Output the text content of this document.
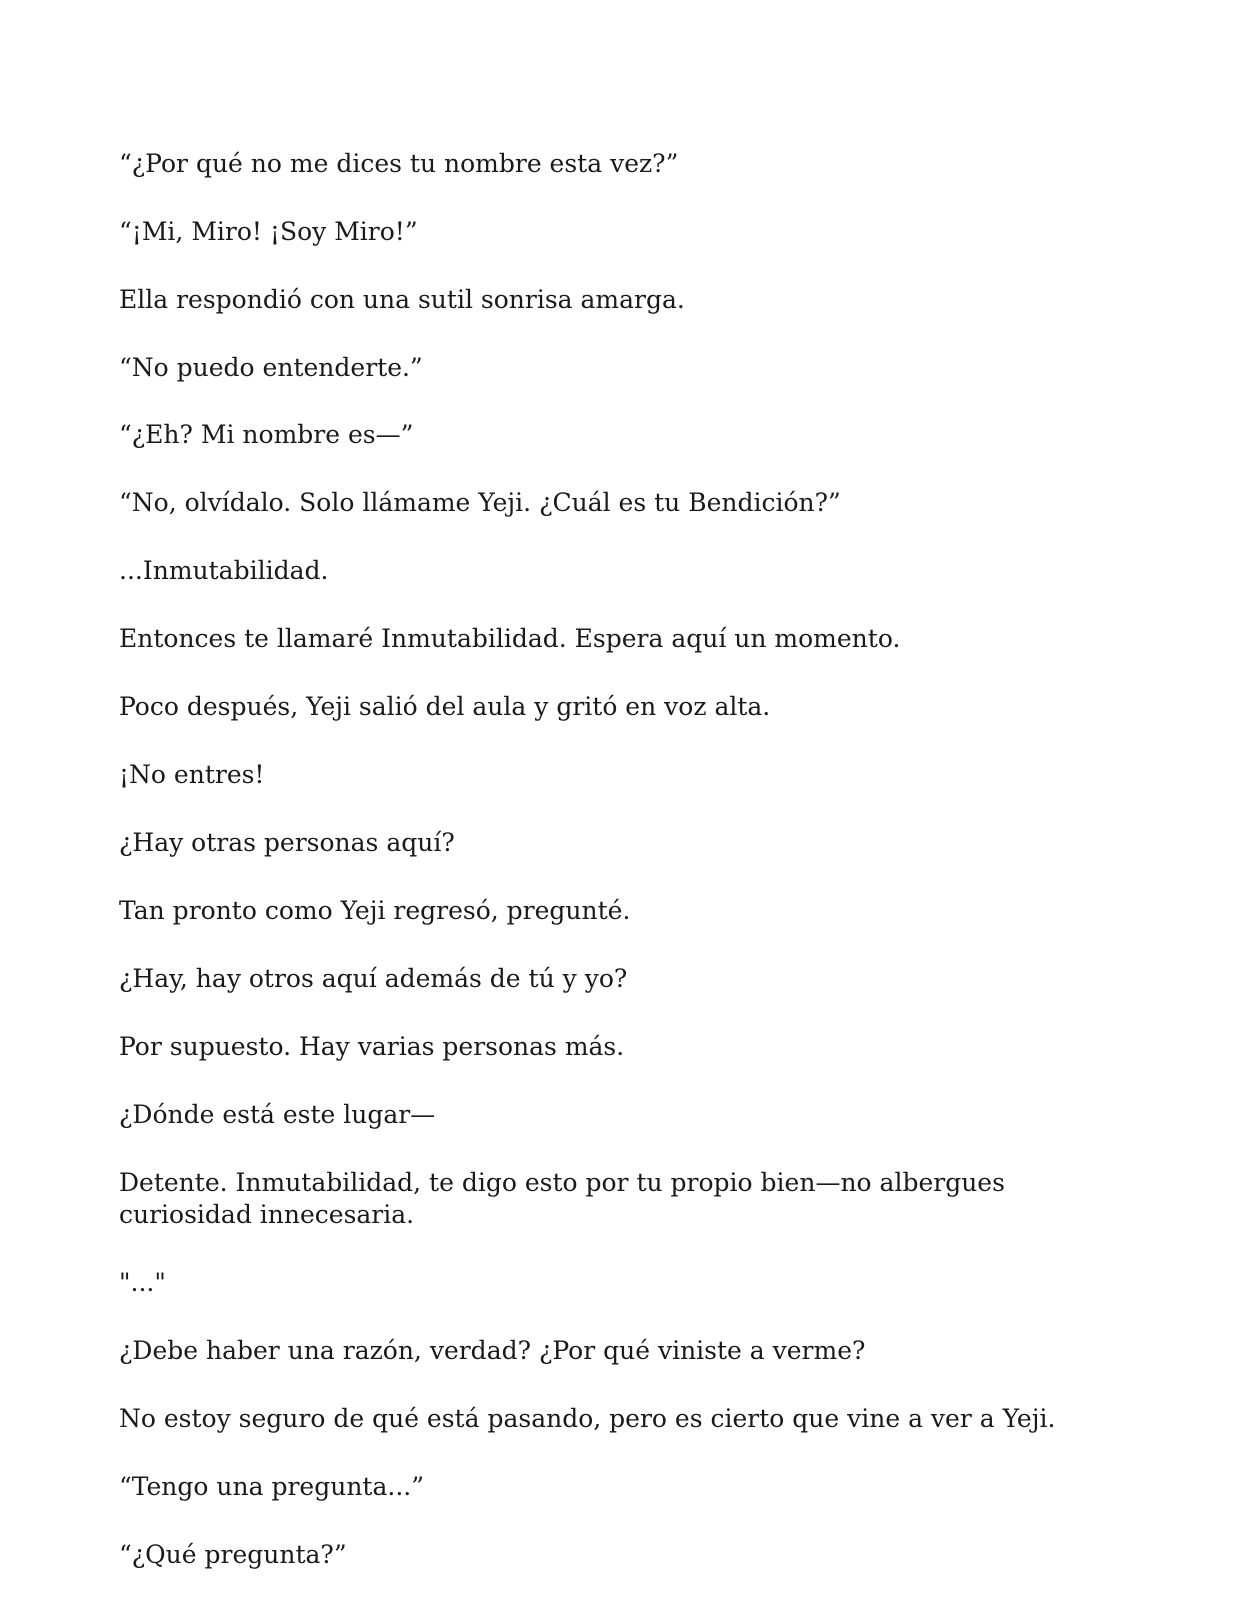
“¿Por qué no me dices tu nombre esta vez?”

“¡Mi, Miro! ¡Soy Miro!”

Ella respondió con una sutil sonrisa amarga.

“No puedo entenderte.”

“¿Eh? Mi nombre es—”

“No, olvídalo. Solo llámame Yeji. ¿Cuál es tu Bendición?”

...Inmutabilidad.

Entonces te llamaré Inmutabilidad. Espera aquí un momento.

Poco después, Yeji salió del aula y gritó en voz alta.

¡No entres!

¿Hay otras personas aquí?

Tan pronto como Yeji regresó, pregunté.

¿Hay, hay otros aquí además de tú y yo?

Por supuesto. Hay varias personas más.

¿Dónde está este lugar—

Detente. Inmutabilidad, te digo esto por tu propio bien—no albergues curiosidad innecesaria.

"..."

¿Debe haber una razón, verdad? ¿Por qué viniste a verme?

No estoy seguro de qué está pasando, pero es cierto que vine a ver a Yeji.

“Tengo una pregunta...”

“¿Qué pregunta?”
